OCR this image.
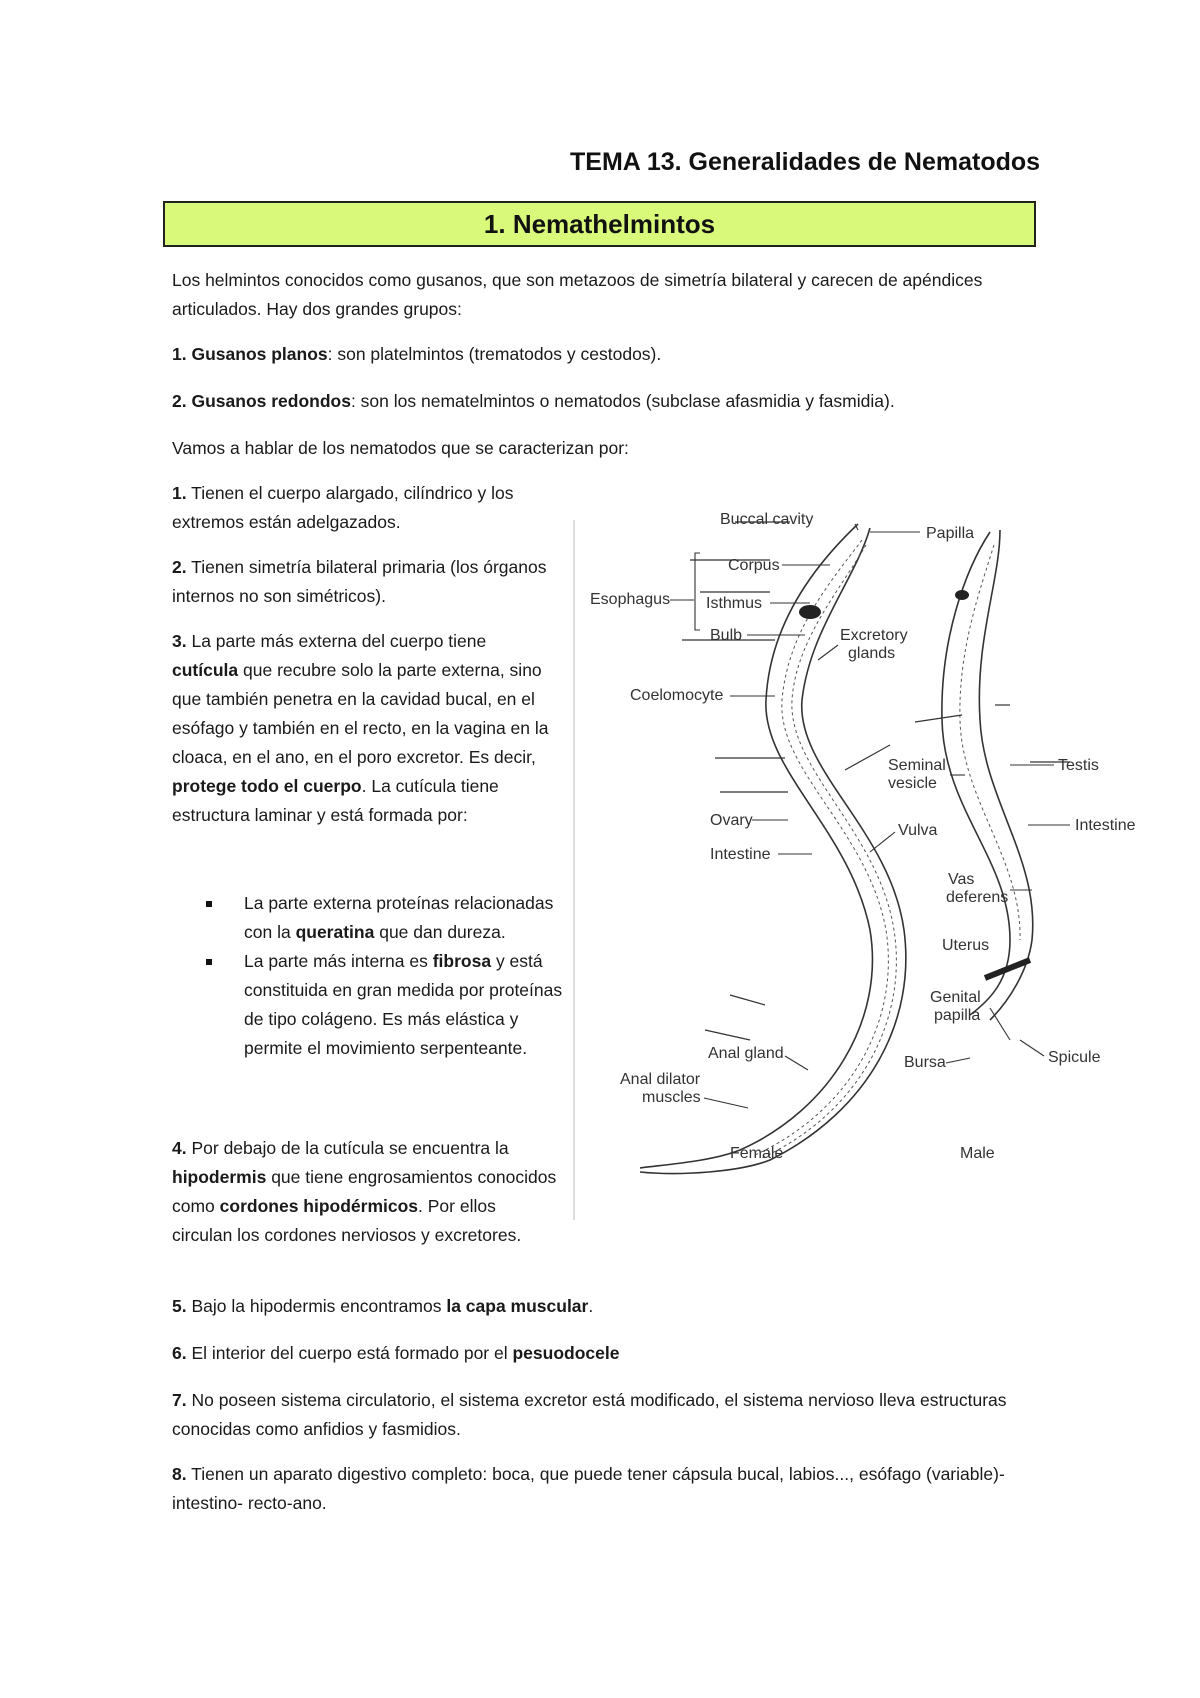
TEMA 13. Generalidades de Nematodos
1. Nemathelmintos
Los helmintos conocidos como gusanos, que son metazoos de simetría bilateral y carecen de apéndices articulados. Hay dos grandes grupos:
1. Gusanos planos: son platelmintos (trematodos y cestodos).
2. Gusanos redondos: son los nematelmintos o nematodos (subclase afasmidia y fasmidia).
Vamos a hablar de los nematodos que se caracterizan por:
1. Tienen el cuerpo alargado, cilíndrico y los extremos están adelgazados.
2. Tienen simetría bilateral primaria (los órganos internos no son simétricos).
3. La parte más externa del cuerpo tiene cutícula que recubre solo la parte externa, sino que también penetra en la cavidad bucal, en el esófago y también en el recto, en la vagina en la cloaca, en el ano, en el poro excretor. Es decir, protege todo el cuerpo. La cutícula tiene estructura laminar y está formada por:
La parte externa proteínas relacionadas con la queratina que dan dureza.
La parte más interna es fibrosa y está constituida en gran medida por proteínas de tipo colágeno. Es más elástica y permite el movimiento serpenteante.
4. Por debajo de la cutícula se encuentra la hipodermis que tiene engrosamientos conocidos como cordones hipodérmicos. Por ellos circulan los cordones nerviosos y excretores.
5. Bajo la hipodermis encontramos la capa muscular.
6. El interior del cuerpo está formado por el pesuodocele
7. No poseen sistema circulatorio, el sistema excretor está modificado, el sistema nervioso lleva estructuras conocidas como anfidios y fasmidios.
8. Tienen un aparato digestivo completo: boca, que puede tener cápsula bucal, labios..., esófago (variable)- intestino- recto-ano.
Buccal cavity
Papilla
Corpus
Esophagus Isthmus
Bulb	Excretory
glands
Coelomocyte
Seminal
vesicle
Testis
Intestine
Ovary
Vulva
Intestine
Vas
deferens
Uterus
Genital
papilla
Anal gland	Spicule
Bursa
Anal dilator
muscles
Female	Male
